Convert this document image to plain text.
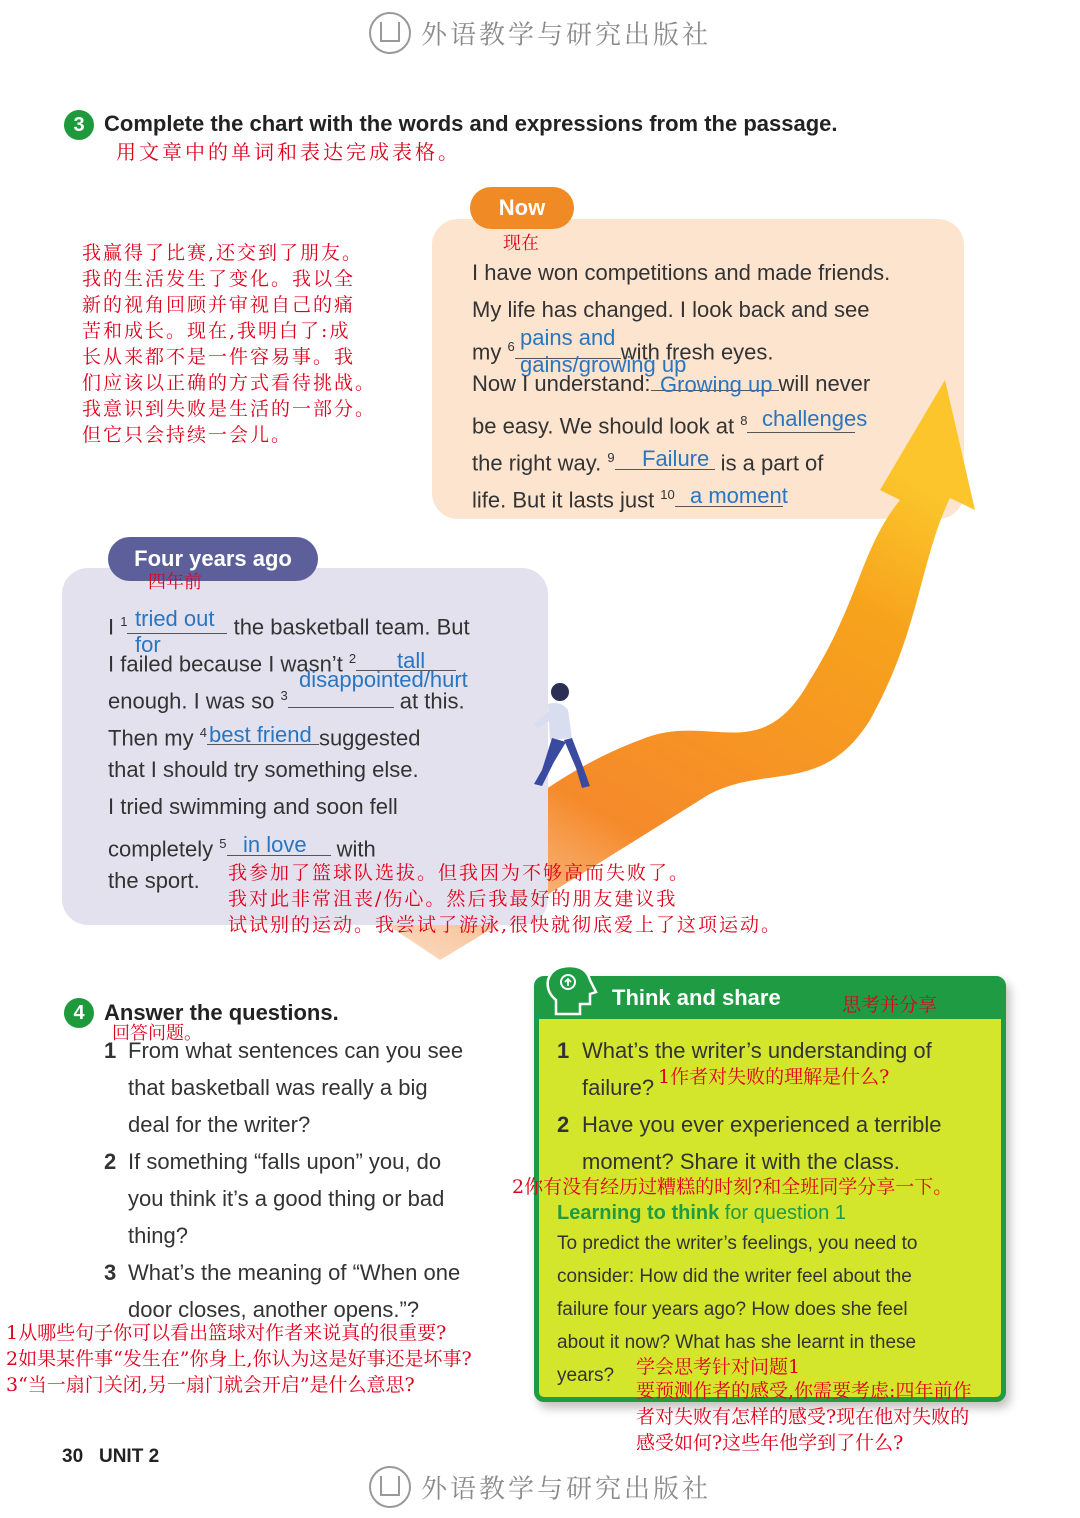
外语教学与研究出版社
3 Complete the chart with the words and expressions from the passage.
用文章中的单词和表达完成表格。
Now
现在
I have won competitions and made friends.
My life has changed. I look back and see
my $^6$	with fresh eyes.
pains and
gains/growing up
Now I understand:	will never
Growing up
be easy. We should look at $^8$ challenges
the right way. $^9$	is a part of
Failure
life. But it lasts just $^{10}$ a moment
我赢得了比赛,还交到了朋友。
我的生活发生了变化。我以全
新的视角回顾并审视自己的痛
苦和成长。现在,我明白了:成
长从来都不是一件容易事。我
们应该以正确的方式看待挑战。
我意识到失败是生活的一部分。
但它只会持续一会儿。
Four years ago
四年前
I $^1$	the basketball team. But
tried out
for
I failed because I wasn’t $^2$	tall
enough. I was so $^3$	at this.
disappointed/hurt
Then my $^4$	suggested
best friend
that I should try something else.
I tried swimming and soon fell
completely $^5$	with
in love
the sport. 我参加了篮球队选拔。但我因为不够高而失败了。
我对此非常沮丧/伤心。然后我最好的朋友建议我
试试别的运动。我尝试了游泳,很快就彻底爱上了这项运动。
4 Answer the questions.
回答问题。
1 From what sentences can you see
that basketball was really a big
deal for the writer?
2 If something “falls upon” you, do
you think it’s a good thing or bad
thing?
3 What’s the meaning of “When one
door closes, another opens.”?
Think and share	思考并分享
1 What’s the writer’s understanding of
failure? 1作者对失败的理解是什么?
2 Have you ever experienced a terrible
moment? Share it with the class.
2你有没有经历过糟糕的时刻?和全班同学分享一下。
Learning to think for question 1
To predict the writer’s feelings, you need to
consider: How did the writer feel about the
failure four years ago? How does she feel
about it now? What has she learnt in these
years?
1从哪些句子你可以看出篮球对作者来说真的很重要?
2如果某件事“发生在”你身上,你认为这是好事还是坏事?
3“当一扇门关闭,另一扇门就会开启”是什么意思?
学会思考针对问题1
要预测作者的感受,你需要考虑:四年前作
者对失败有怎样的感受?现在他对失败的
感受如何?这些年他学到了什么?
30 UNIT 2
外语教学与研究出版社
